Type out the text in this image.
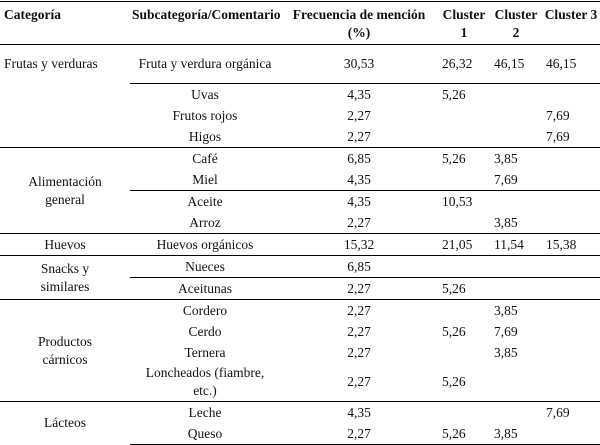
Categoría	Subcategoría/Comentario	Frecuencia de mención (%)	Cluster 1	Cluster 2	Cluster 3
Frutas y verduras	Fruta y verdura orgánica	30,53	26,32	46,15	46,15
	Uvas	4,35	5,26		
	Frutos rojos	2,27			7,69
	Higos	2,27			7,69
Alimentación general	Café	6,85	5,26	3,85	
	Miel	4,35		7,69	
	Aceite	4,35	10,53		
	Arroz	2,27		3,85	
Huevos	Huevos orgánicos	15,32	21,05	11,54	15,38
Snacks y similares	Nueces	6,85			
	Aceitunas	2,27	5,26		
Productos cárnicos	Cordero	2,27		3,85	
	Cerdo	2,27	5,26	7,69	
	Ternera	2,27		3,85	
	Loncheados (fiambre, etc.)	2,27	5,26		
Lácteos	Leche	4,35			7,69
	Queso	2,27	5,26	3,85	
